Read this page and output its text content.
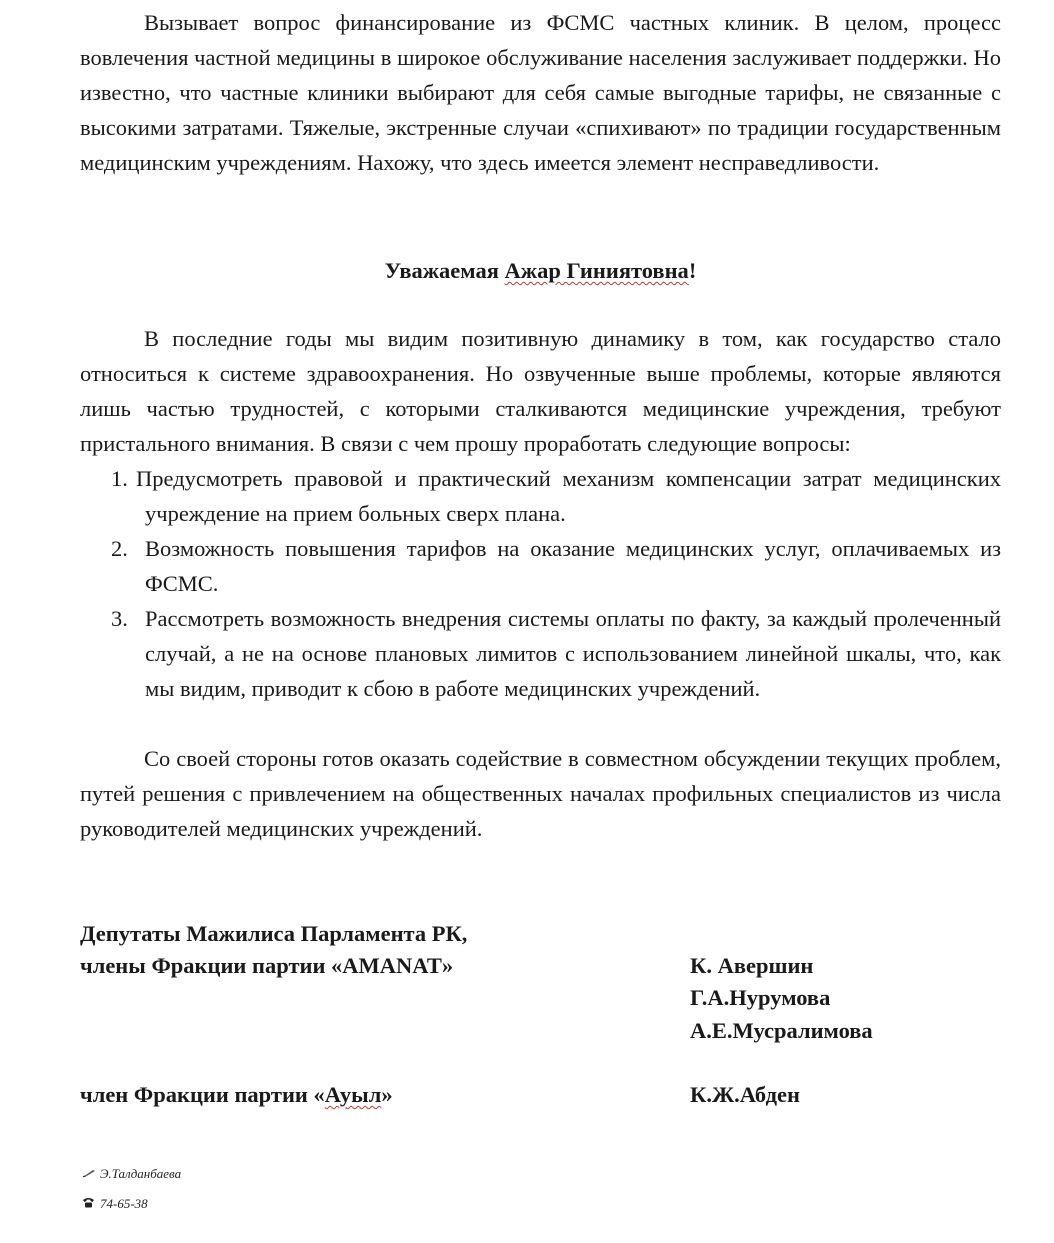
Вызывает вопрос финансирование из ФСМС частных клиник. В целом, процесс вовлечения частной медицины в широкое обслуживание населения заслуживает поддержки. Но известно, что частные клиники выбирают для себя самые выгодные тарифы, не связанные с высокими затратами. Тяжелые, экстренные случаи «спихивают» по традиции государственным медицинским учреждениям. Нахожу, что здесь имеется элемент несправедливости.

Уважаемая Ажар Гиниятовна!

В последние годы мы видим позитивную динамику в том, как государство стало относиться к системе здравоохранения. Но озвученные выше проблемы, которые являются лишь частью трудностей, с которыми сталкиваются медицинские учреждения, требуют пристального внимания. В связи с чем прошу проработать следующие вопросы:

1. Предусмотреть правовой и практический механизм компенсации затрат медицинских учреждение на прием больных сверх плана.
2. Возможность повышения тарифов на оказание медицинских услуг, оплачиваемых из ФСМС.
3. Рассмотреть возможность внедрения системы оплаты по факту, за каждый пролеченный случай, а не на основе плановых лимитов с использованием линейной шкалы, что, как мы видим, приводит к сбою в работе медицинских учреждений.

Со своей стороны готов оказать содействие в совместном обсуждении текущих проблем, путей решения с привлечением на общественных началах профильных специалистов из числа руководителей медицинских учреждений.

Депутаты Мажилиса Парламента РК,
члены Фракции партии «AMANAT»	К. Авершин
Г.А.Нурумова
А.Е.Мусралимова
член Фракции партии «Ауыл»	К.Ж.Абден
Э.Талданбаева
74-65-38
